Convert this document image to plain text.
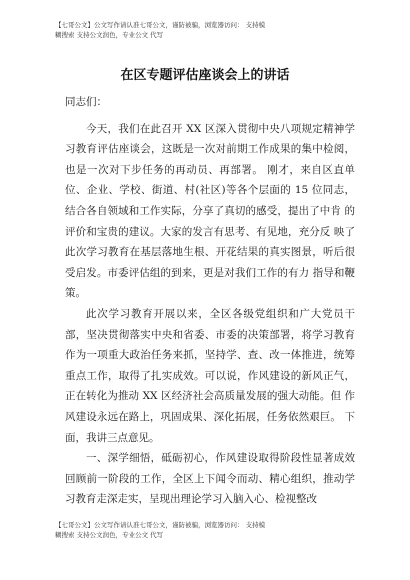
【七哥公文】公文写作请认准七哥公文，谨防被骗，浏览器访问： 支持模
糊搜索 支持公文润色，专业公文 代写
在区专题评估座谈会上的讲话

同志们：

今天，我们在此召开 XX 区深入贯彻中央八项规定精神学 习教育评估座谈会，这既是一次对前期工作成果的集中检阅，也是一次对下步任务的再动员、再部署。 刚才，来自区直单 位、企业、学校、街道、村(社区)等各个层面的 15 位同志，结合各自领域和工作实际，分享了真切的感受，提出了中肯 的评价和宝贵的建议。大家的发言有思考、有见地，充分反 映了此次学习教育在基层落地生根、开花结果的真实图景，听后很受启发。市委评估组的到来，更是对我们工作的有力 指导和鞭策。

此次学习教育开展以来，全区各级党组织和广大党员干部，坚决贯彻落实中央和省委、市委的决策部署，将学习教育作为一项重大政治任务来抓，坚持学、查、改一体推进，统筹重点工作，取得了扎实成效。可以说，作风建设的新风正气，正在转化为推动 XX 区经济社会高质量发展的强大动能。但 作风建设永远在路上，巩固成果、深化拓展，任务依然艰巨。 下面，我讲三点意见。

一、深学细悟，砥砺初心，作风建设取得阶段性显著成效回顾前一阶段的工作，全区上下闻令而动、精心组织，推动学习教育走深走实，呈现出理论学习入脑入心、检视整改

【七哥公文】公文写作请认准七哥公文，谨防被骗，浏览器访问： 支持模
糊搜索 支持公文润色，专业公文 代写
